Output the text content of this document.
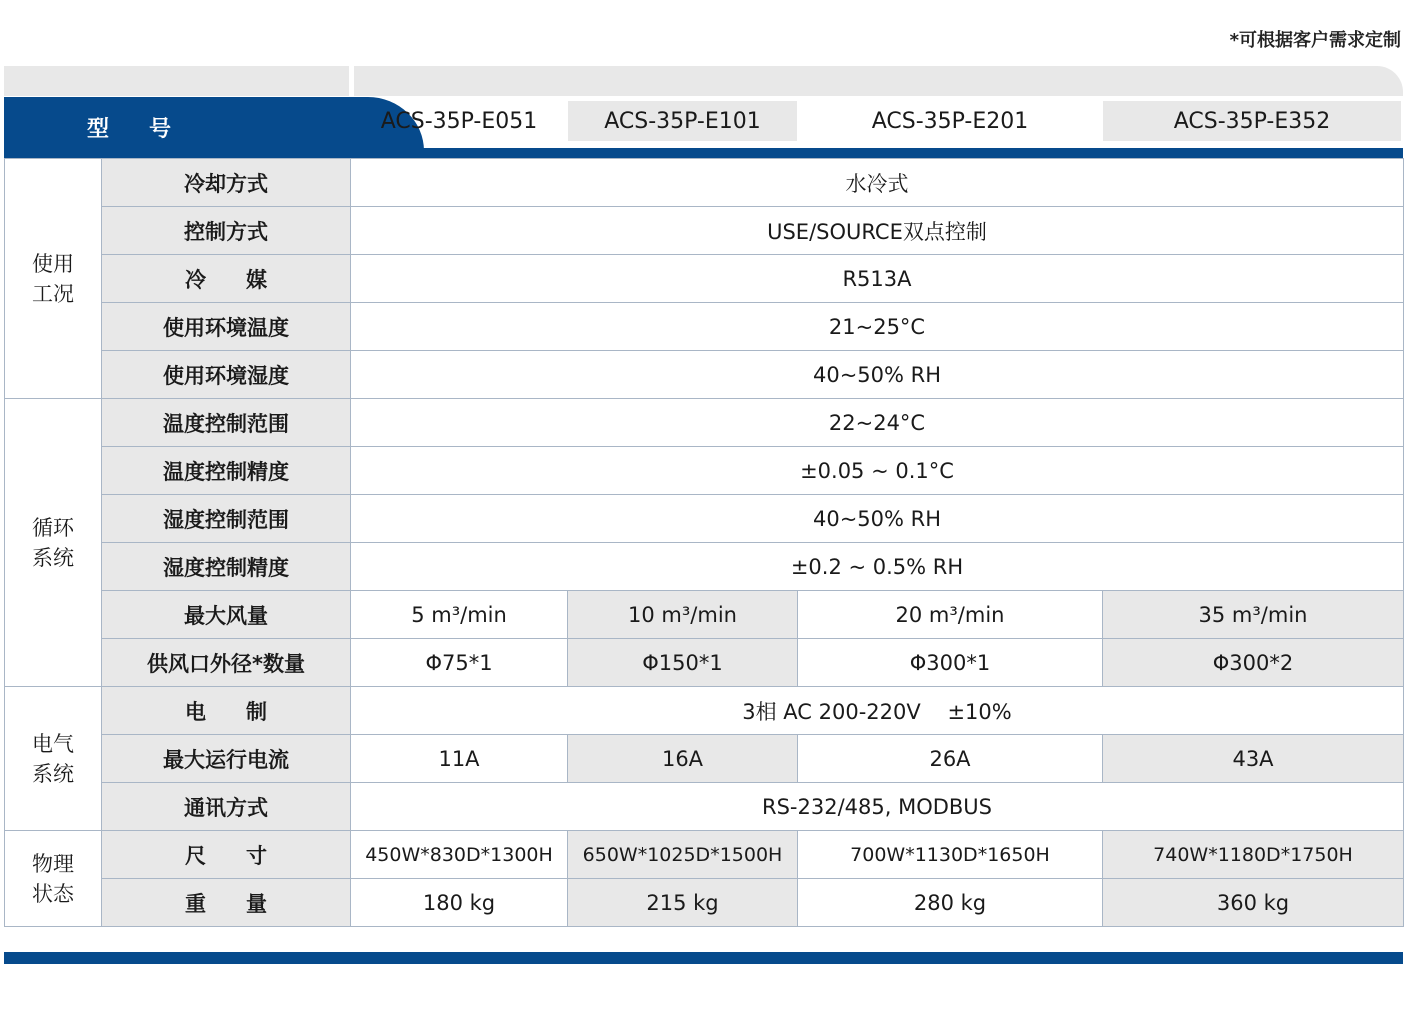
*可根据客户需求定制
型号	ACS-35P-E051	ACS-35P-E101	ACS-35P-E201	ACS-35P-E352
使用
工况	冷却方式	水冷式			
	控制方式	USE/SOURCE双点控制			
	冷媒	R513A			
	使用环境温度	21~25°C			
	使用环境湿度	40~50% RH			
循环
系统	温度控制范围	22~24°C			
	温度控制精度	±0.05 ~ 0.1°C			
	湿度控制范围	40~50% RH			
	湿度控制精度	±0.2 ~ 0.5% RH			
	最大风量	5 m³/min	10 m³/min	20 m³/min	35 m³/min
	供风口外径*数量	Φ75*1	Φ150*1	Φ300*1	Φ300*2
电气
系统	电制	3相 AC 200-220V    ±10%			
	最大运行电流	11A	16A	26A	43A
	通讯方式	RS-232/485, MODBUS			
物理
状态	尺寸	450W*830D*1300H	650W*1025D*1500H	700W*1130D*1650H	740W*1180D*1750H
	重量	180 kg	215 kg	280 kg	360 kg
